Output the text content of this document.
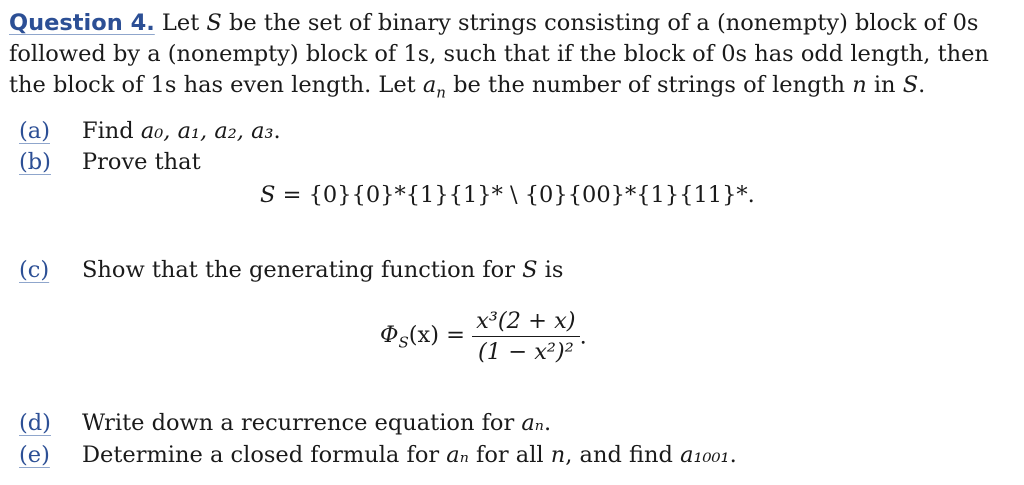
Question 4. Let S be the set of binary strings consisting of a (nonempty) block of 0s followed by a (nonempty) block of 1s, such that if the block of 0s has odd length, then the block of 1s has even length. Let $a_n$ be the number of strings of length n in S.
(a) Find a₀, a₁, a₂, a₃.
(b) Prove that
S = {0}{0}*{1}{1}* \ {0}{00}*{1}{11}*.
(c) Show that the generating function for S is
$\Phi_S(x) = \frac{\text{x³(2 + x)}}{\text{(1 − x²)²}}$ .
(d) Write down a recurrence equation for aₙ.
(e) Determine a closed formula for aₙ for all n, and find a₁₀₀₁.
